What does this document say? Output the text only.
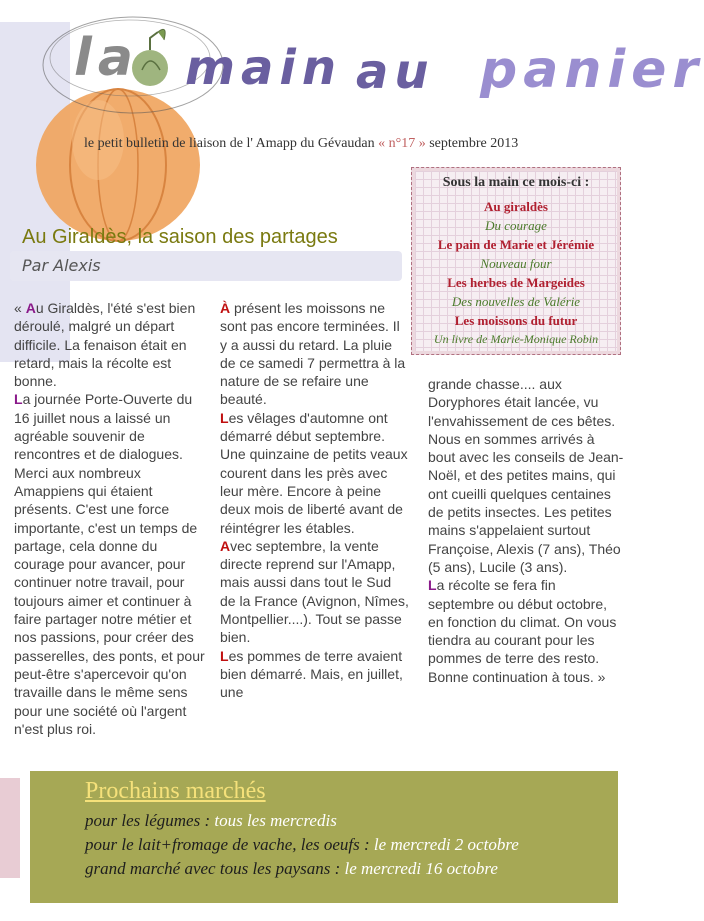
la main au panier
le petit bulletin de liaison de l' Amapp du Gévaudan « n°17 » septembre 2013
Sous la main ce mois-ci :
Au giraldès
Du courage
Le pain de Marie et Jérémie
Nouveau four
Les herbes de Margeides
Des nouvelles de Valérie
Les moissons du futur
Un livre de Marie-Monique Robin
Au Giraldès, la saison des partages
Par Alexis

« Au Giraldès, l'été s'est bien déroulé, malgré un départ difficile. La fenaison était en retard, mais la récolte est bonne.

La journée Porte-Ouverte du 16 juillet nous a laissé un agréable souvenir de rencontres et de dialogues. Merci aux nombreux Amappiens qui étaient présents. C'est une force importante, c'est un temps de partage, cela donne du courage pour avancer, pour continuer notre travail, pour toujours aimer et continuer à faire partager notre métier et nos passions, pour créer des passerelles, des ponts, et pour peut-être s'apercevoir qu'on travaille dans le même sens pour une société où l'argent n'est plus roi.

À présent les moissons ne sont pas encore terminées. Il y a aussi du retard. La pluie de ce samedi 7 permettra à la nature de se refaire une beauté.

Les vêlages d'automne ont démarré début septembre. Une quinzaine de petits veaux courent dans les près avec leur mère. Encore à peine deux mois de liberté avant de réintégrer les étables.

Avec septembre, la vente directe reprend sur l'Amapp, mais aussi dans tout le Sud de la France (Avignon, Nîmes, Montpellier....). Tout se passe bien.

Les pommes de terre avaient bien démarré. Mais, en juillet, une

grande chasse.... aux Doryphores était lancée, vu l'envahissement de ces bêtes. Nous en sommes arrivés à bout avec les conseils de Jean-Noël, et des petites mains, qui ont cueilli quelques centaines de petits insectes. Les petites mains s'appelaient surtout Françoise, Alexis (7 ans), Théo (5 ans), Lucile (3 ans).

La récolte se fera fin septembre ou début octobre, en fonction du climat. On vous tiendra au courant pour les pommes de terre des resto.

Bonne continuation à tous. »

Prochains marchés
pour les légumes : tous les mercredis
pour le lait+fromage de vache, les oeufs : le mercredi 2 octobre
grand marché avec tous les paysans : le mercredi 16 octobre
